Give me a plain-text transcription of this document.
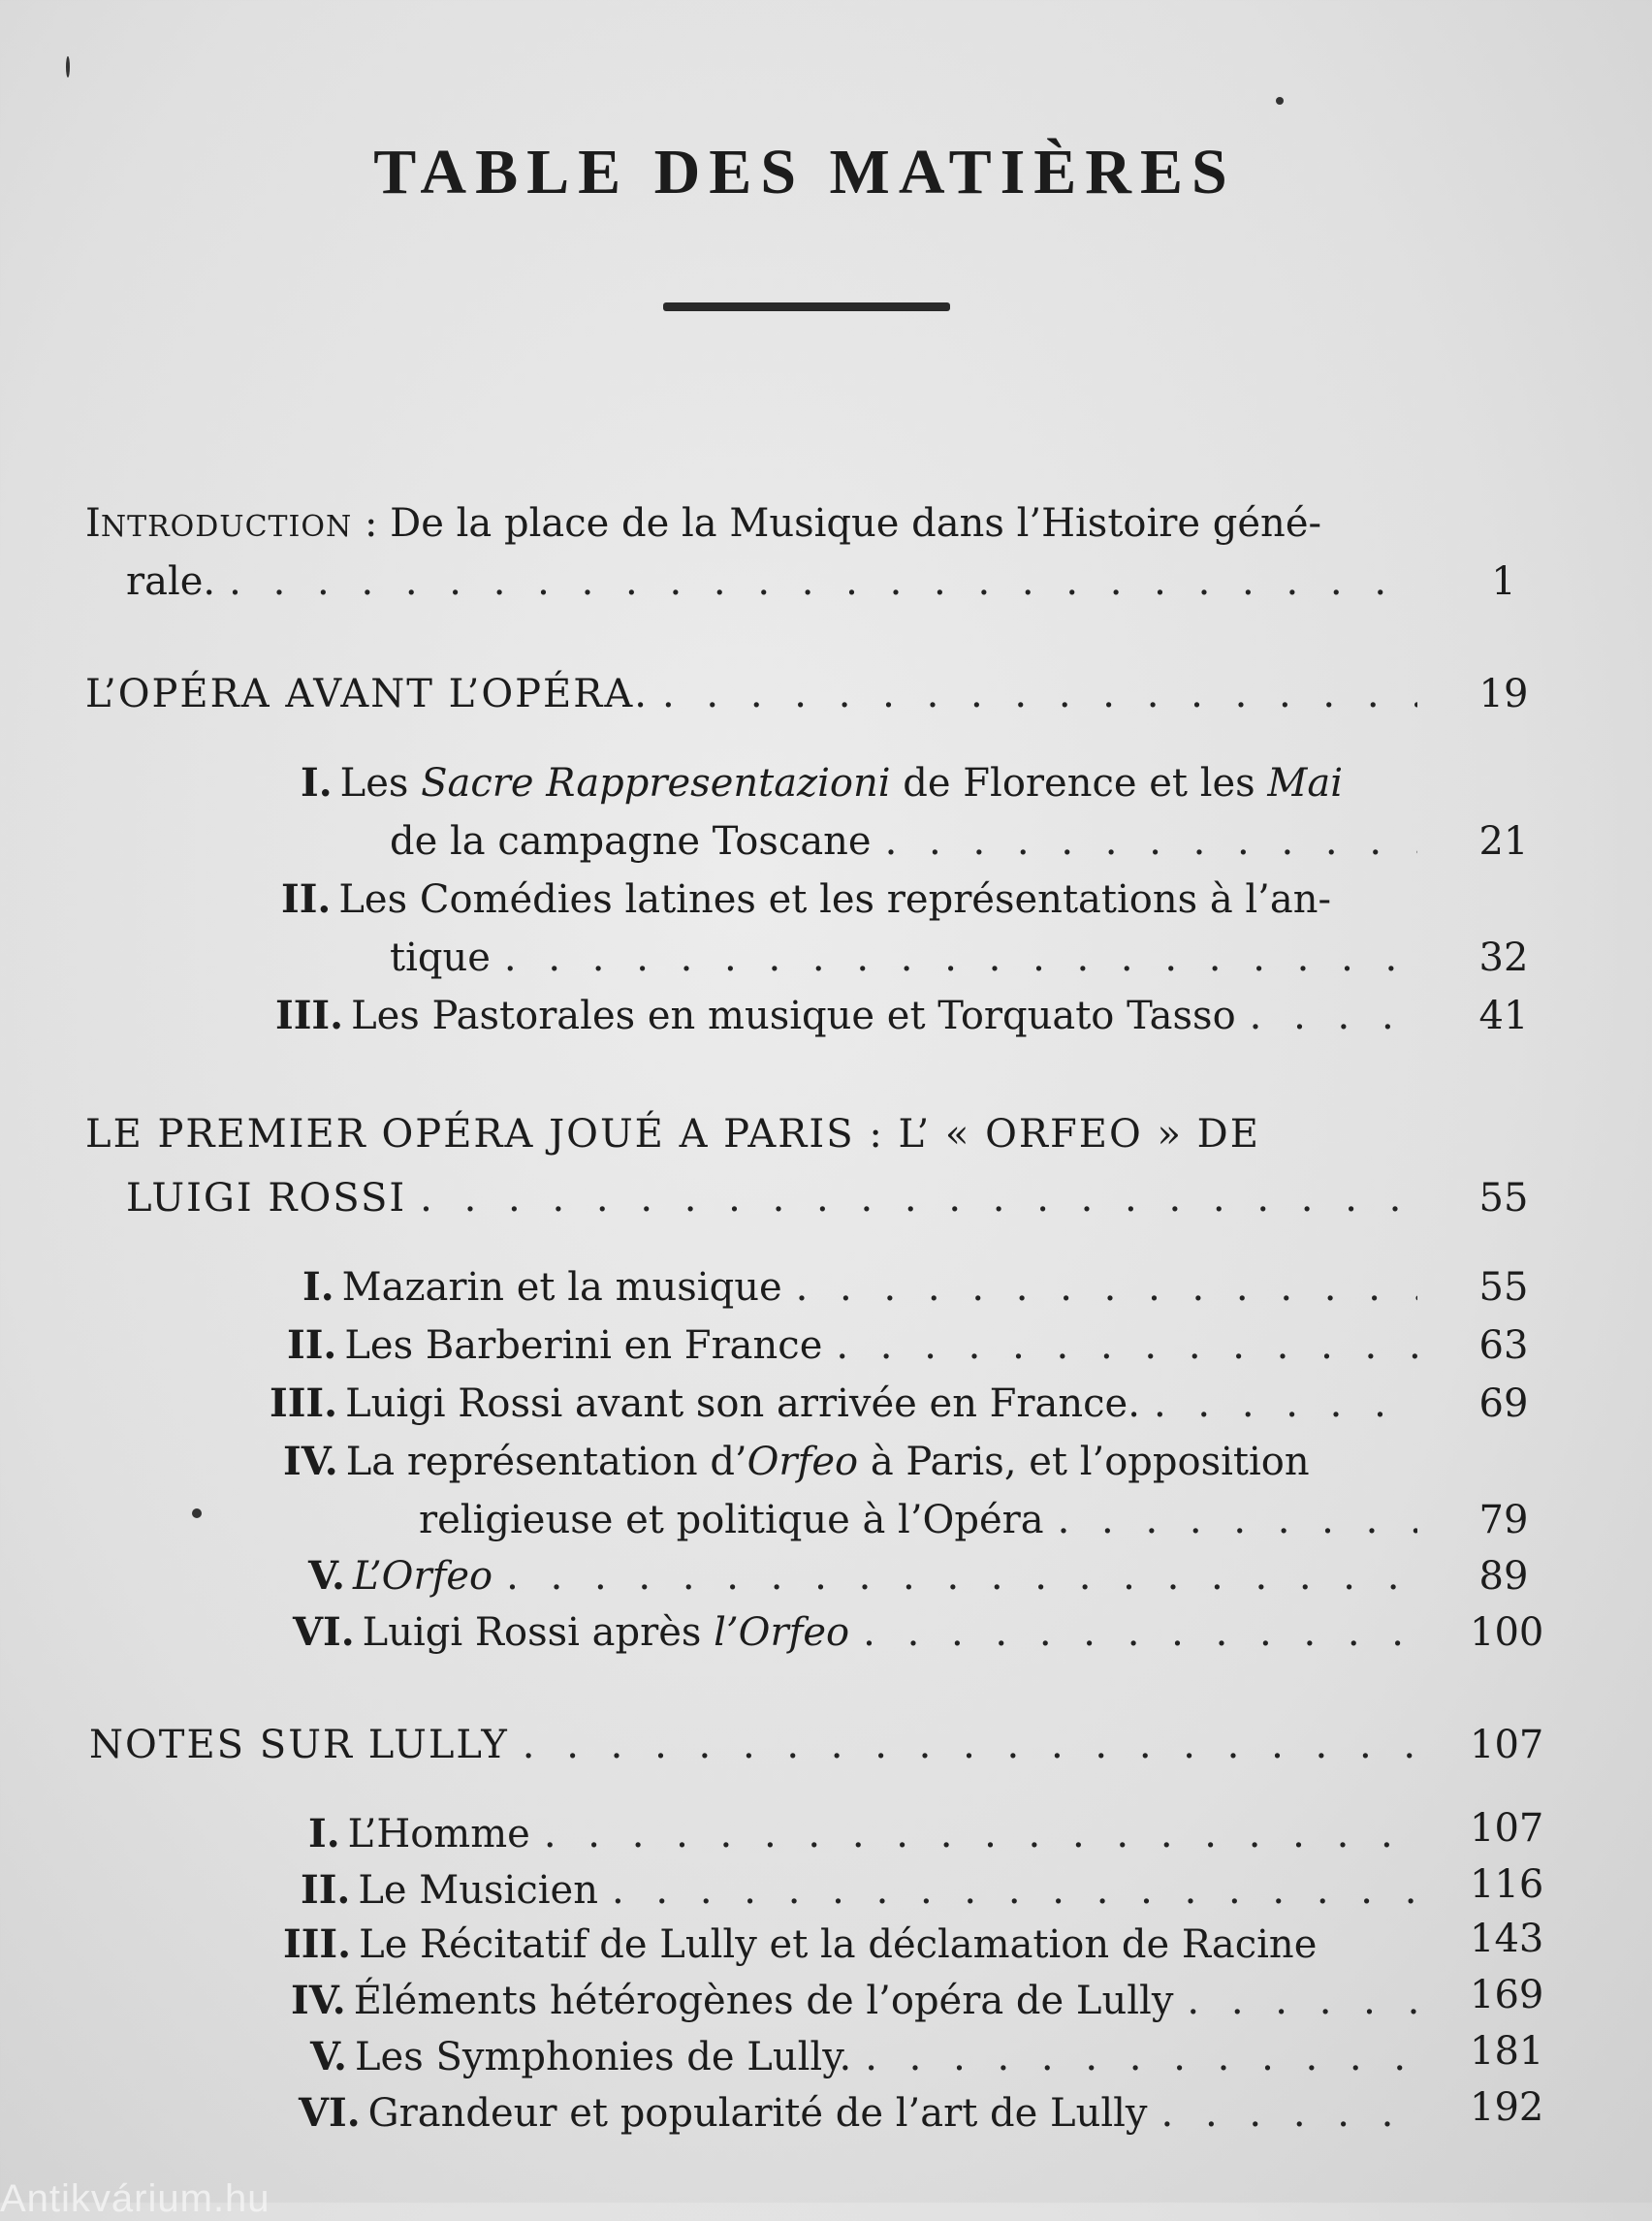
TABLE DES MATIÈRES
I NTRODUCTION
: De la place de la Musique dans l’Histoire géné-
rale. . . .	1
L’OPÉRA AVANT L’OPÉRA. . . .	19
I. Les
Sacre Rappresentazioni
de Florence et les
Mai
de la campagne Toscane . . .	21
II. Les Comédies latines et les représentations à l’an-
tique . . .	32
III. Les Pastorales en musique et Torquato Tasso . . .	41
LE PREMIER OPÉRA JOUÉ A PARIS : L’ « ORFEO » DE
LUIGI ROSSI . . .	55
I. Mazarin et la musique . . .	55
II. Les Barberini en France . . .	63
III. Luigi Rossi avant son arrivée en France. . . .	69
IV. La représentation d’ Orfeo
à Paris, et l’opposition
religieuse et politique à l’Opéra . . .	79
V. L’Orfeo . . .	89
VI. Luigi Rossi après
l’Orfeo . . .	100
NOTES SUR LULLY . . .	107
I. L’Homme . . .	107
II. Le Musicien . . .	116
III. Le Récitatif de Lully et la déclamation de Racine	143
IV. Éléments hétérogènes de l’opéra de Lully . . .	169
V. Les Symphonies de Lully. . . .	181
VI. Grandeur et popularité de l’art de Lully . . .	192
Antikvárium.hu
